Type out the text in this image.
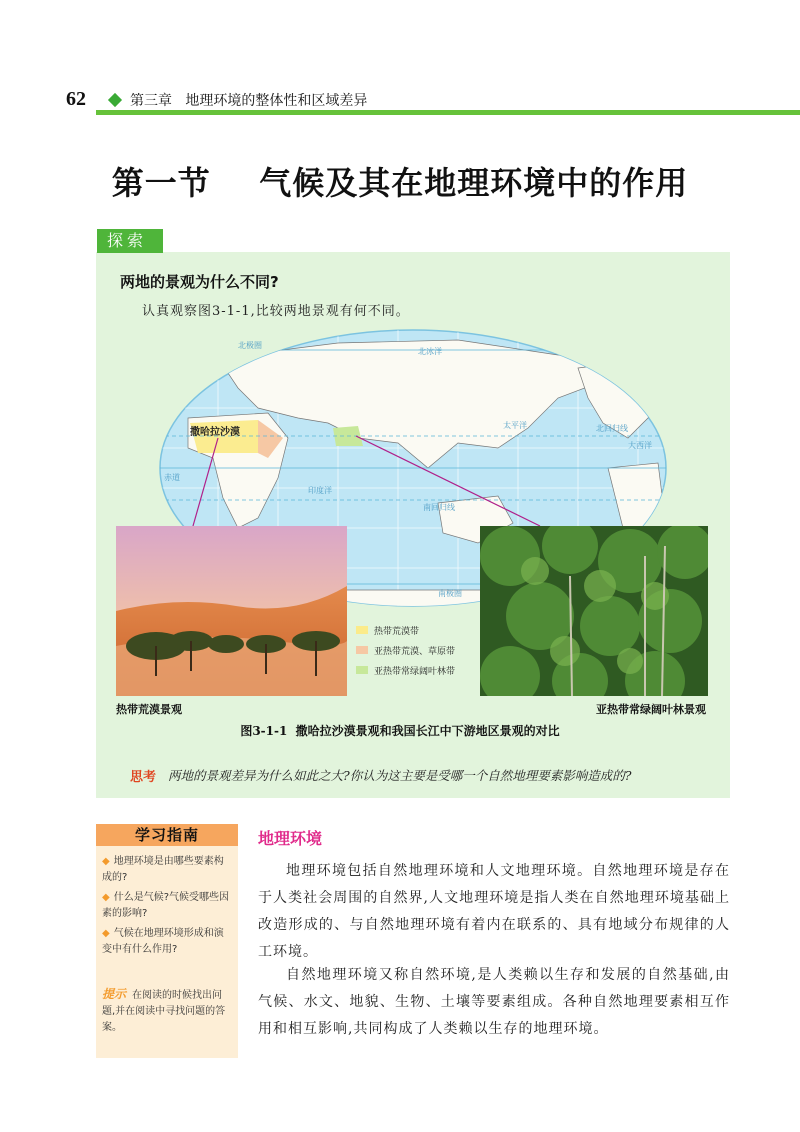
62	第三章   地理环境的整体性和区域差异
第一节    气候及其在地理环境中的作用
探索
两地的景观为什么不同?
认真观察图3-1-1,比较两地景观有何不同。
北极圈
北冰洋
北回归线
赤道
印度洋
太平洋
大西洋
南回归线
南极圈
撒哈拉沙漠
热带荒漠带
亚热带荒漠、草原带
亚热带常绿阔叶林带
热带荒漠景观	亚热带常绿阔叶林景观
图3-1-1  撒哈拉沙漠景观和我国长江中下游地区景观的对比
思考 两地的景观差异为什么如此之大?你认为这主要是受哪一个自然地理要素影响造成的?
学习指南
◆ 地理环境是由哪些要素构成的?
◆ 什么是气候?气候受哪些因素的影响?
◆ 气候在地理环境形成和演变中有什么作用?
提示 在阅读的时候找出问题,并在阅读中寻找问题的答案。
地理环境
地理环境包括自然地理环境和人文地理环境。自然地理环境是存在于人类社会周围的自然界,人文地理环境是指人类在自然地理环境基础上改造形成的、与自然地理环境有着内在联系的、具有地域分布规律的人工环境。
自然地理环境又称自然环境,是人类赖以生存和发展的自然基础,由气候、水文、地貌、生物、土壤等要素组成。各种自然地理要素相互作用和相互影响,共同构成了人类赖以生存的地理环境。
